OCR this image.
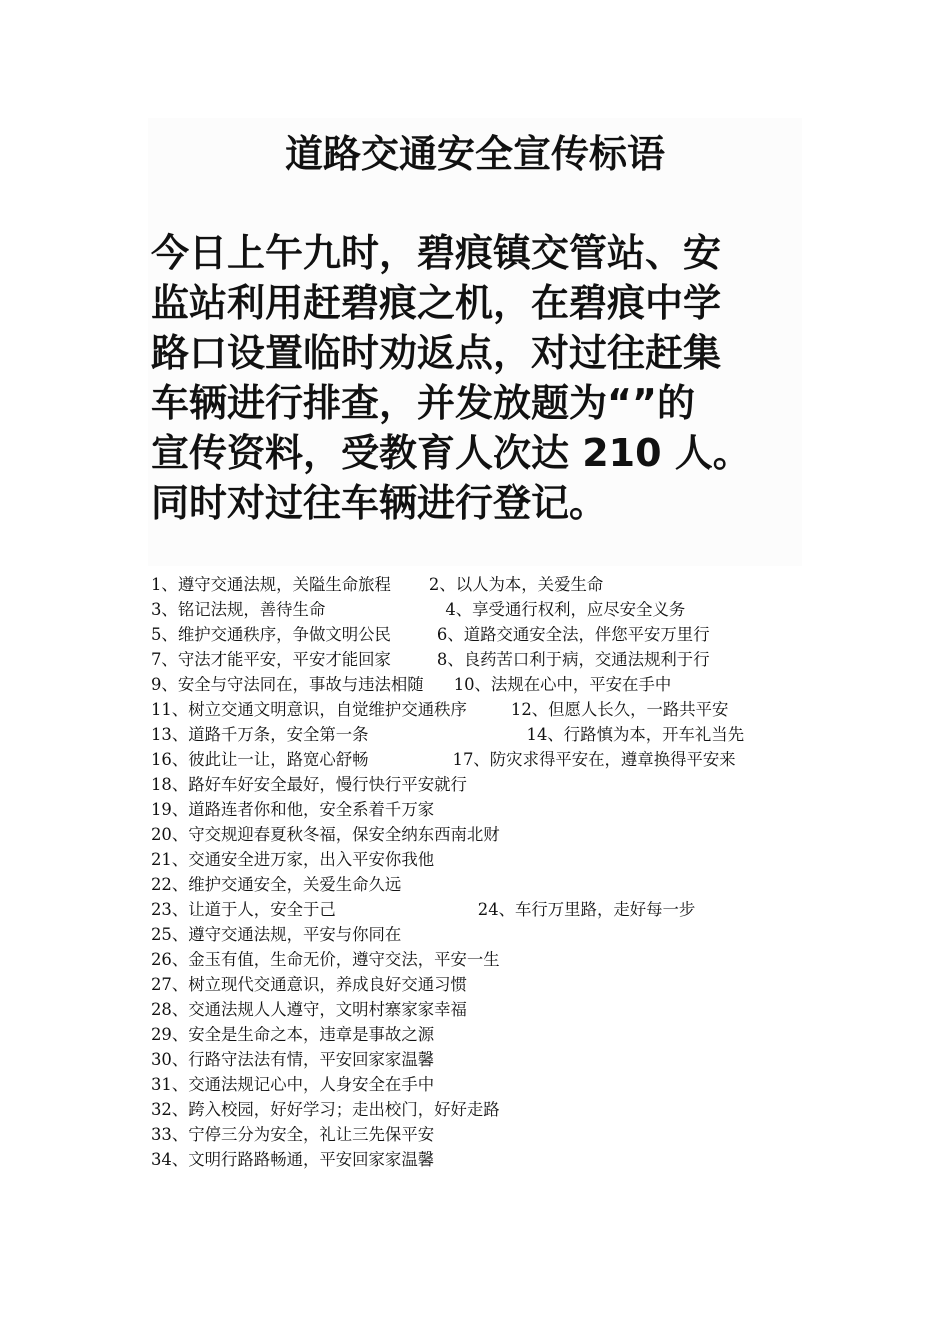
道路交通安全宣传标语
今日上午九时，碧痕镇交管站、安
监站利用赶碧痕之机，在碧痕中学
路口设置临时劝返点，对过往赶集
车辆进行排查，并发放题为“”的
宣传资料，受教育人次达 210 人。
同时对过往车辆进行登记。
1、遵守交通法规，关隘生命旅程 2、以人为本，关爱生命
3、铭记法规，善待生命	4、享受通行权利，应尽安全义务
5、维护交通秩序，争做文明公民	6、道路交通安全法，伴您平安万里行
7、守法才能平安，平安才能回家	8、良药苦口利于病，交通法规利于行
9、安全与守法同在，事故与违法相随 10、法规在心中，平安在手中
11、树立交通文明意识，自觉维护交通秩序	12、但愿人长久，一路共平安
13、道路千万条，安全第一条	14、行路慎为本，开车礼当先
16、彼此让一让，路宽心舒畅	17、防灾求得平安在，遵章换得平安来
18、路好车好安全最好，慢行快行平安就行
19、道路连者你和他，安全系着千万家
20、守交规迎春夏秋冬福，保安全纳东西南北财
21、交通安全进万家，出入平安你我他
22、维护交通安全，关爱生命久远
23、让道于人，安全于己	24、车行万里路，走好每一步
25、遵守交通法规，平安与你同在
26、金玉有值，生命无价，遵守交法，平安一生
27、树立现代交通意识，养成良好交通习惯
28、交通法规人人遵守，文明村寨家家幸福
29、安全是生命之本，违章是事故之源
30、行路守法法有情，平安回家家温馨
31、交通法规记心中，人身安全在手中
32、跨入校园，好好学习；走出校门，好好走路
33、宁停三分为安全，礼让三先保平安
34、文明行路路畅通，平安回家家温馨
